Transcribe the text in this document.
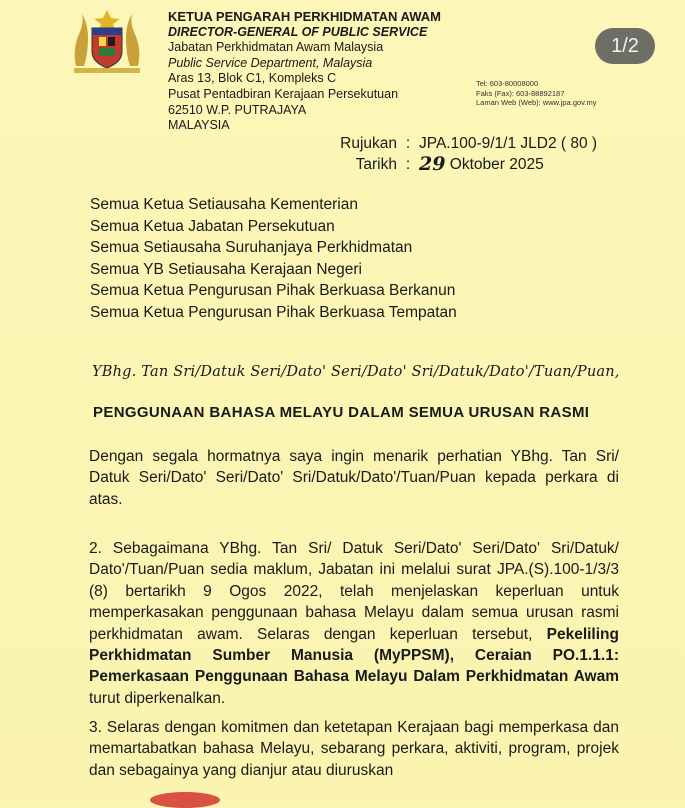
1/2
KETUA PENGARAH PERKHIDMATAN AWAM
DIRECTOR-GENERAL OF PUBLIC SERVICE
Jabatan Perkhidmatan Awam Malaysia
Public Service Department, Malaysia
Aras 13, Blok C1, Kompleks C
Pusat Pentadbiran Kerajaan Persekutuan
62510 W.P. PUTRAJAYA
MALAYSIA
Tel: 603-80008000
Faks (Fax): 603-88892187
Laman Web (Web): www.jpa.gov.my
Rujukan : JPA.100-9/1/1 JLD2 ( 80 )
Tarikh : 29 Oktober 2025
Semua Ketua Setiausaha Kementerian
Semua Ketua Jabatan Persekutuan
Semua Setiausaha Suruhanjaya Perkhidmatan
Semua YB Setiausaha Kerajaan Negeri
Semua Ketua Pengurusan Pihak Berkuasa Berkanun
Semua Ketua Pengurusan Pihak Berkuasa Tempatan
YBhg. Tan Sri/Datuk Seri/Dato' Seri/Dato' Sri/Datuk/Dato'/Tuan/Puan,
PENGGUNAAN BAHASA MELAYU DALAM SEMUA URUSAN RASMI
Dengan segala hormatnya saya ingin menarik perhatian YBhg. Tan Sri/ Datuk Seri/Dato' Seri/Dato' Sri/Datuk/Dato'/Tuan/Puan kepada perkara di atas.
2. Sebagaimana YBhg. Tan Sri/ Datuk Seri/Dato' Seri/Dato' Sri/Datuk/ Dato'/Tuan/Puan sedia maklum, Jabatan ini melalui surat JPA.(S).100-1/3/3 (8) bertarikh 9 Ogos 2022, telah menjelaskan keperluan untuk memperkasakan penggunaan bahasa Melayu dalam semua urusan rasmi perkhidmatan awam. Selaras dengan keperluan tersebut, Pekeliling Perkhidmatan Sumber Manusia (MyPPSM), Ceraian PO.1.1.1: Pemerkasaan Penggunaan Bahasa Melayu Dalam Perkhidmatan Awam turut diperkenalkan.
3. Selaras dengan komitmen dan ketetapan Kerajaan bagi memperkasa dan memartabatkan bahasa Melayu, sebarang perkara, aktiviti, program, projek dan sebagainya yang dianjur atau diuruskan
